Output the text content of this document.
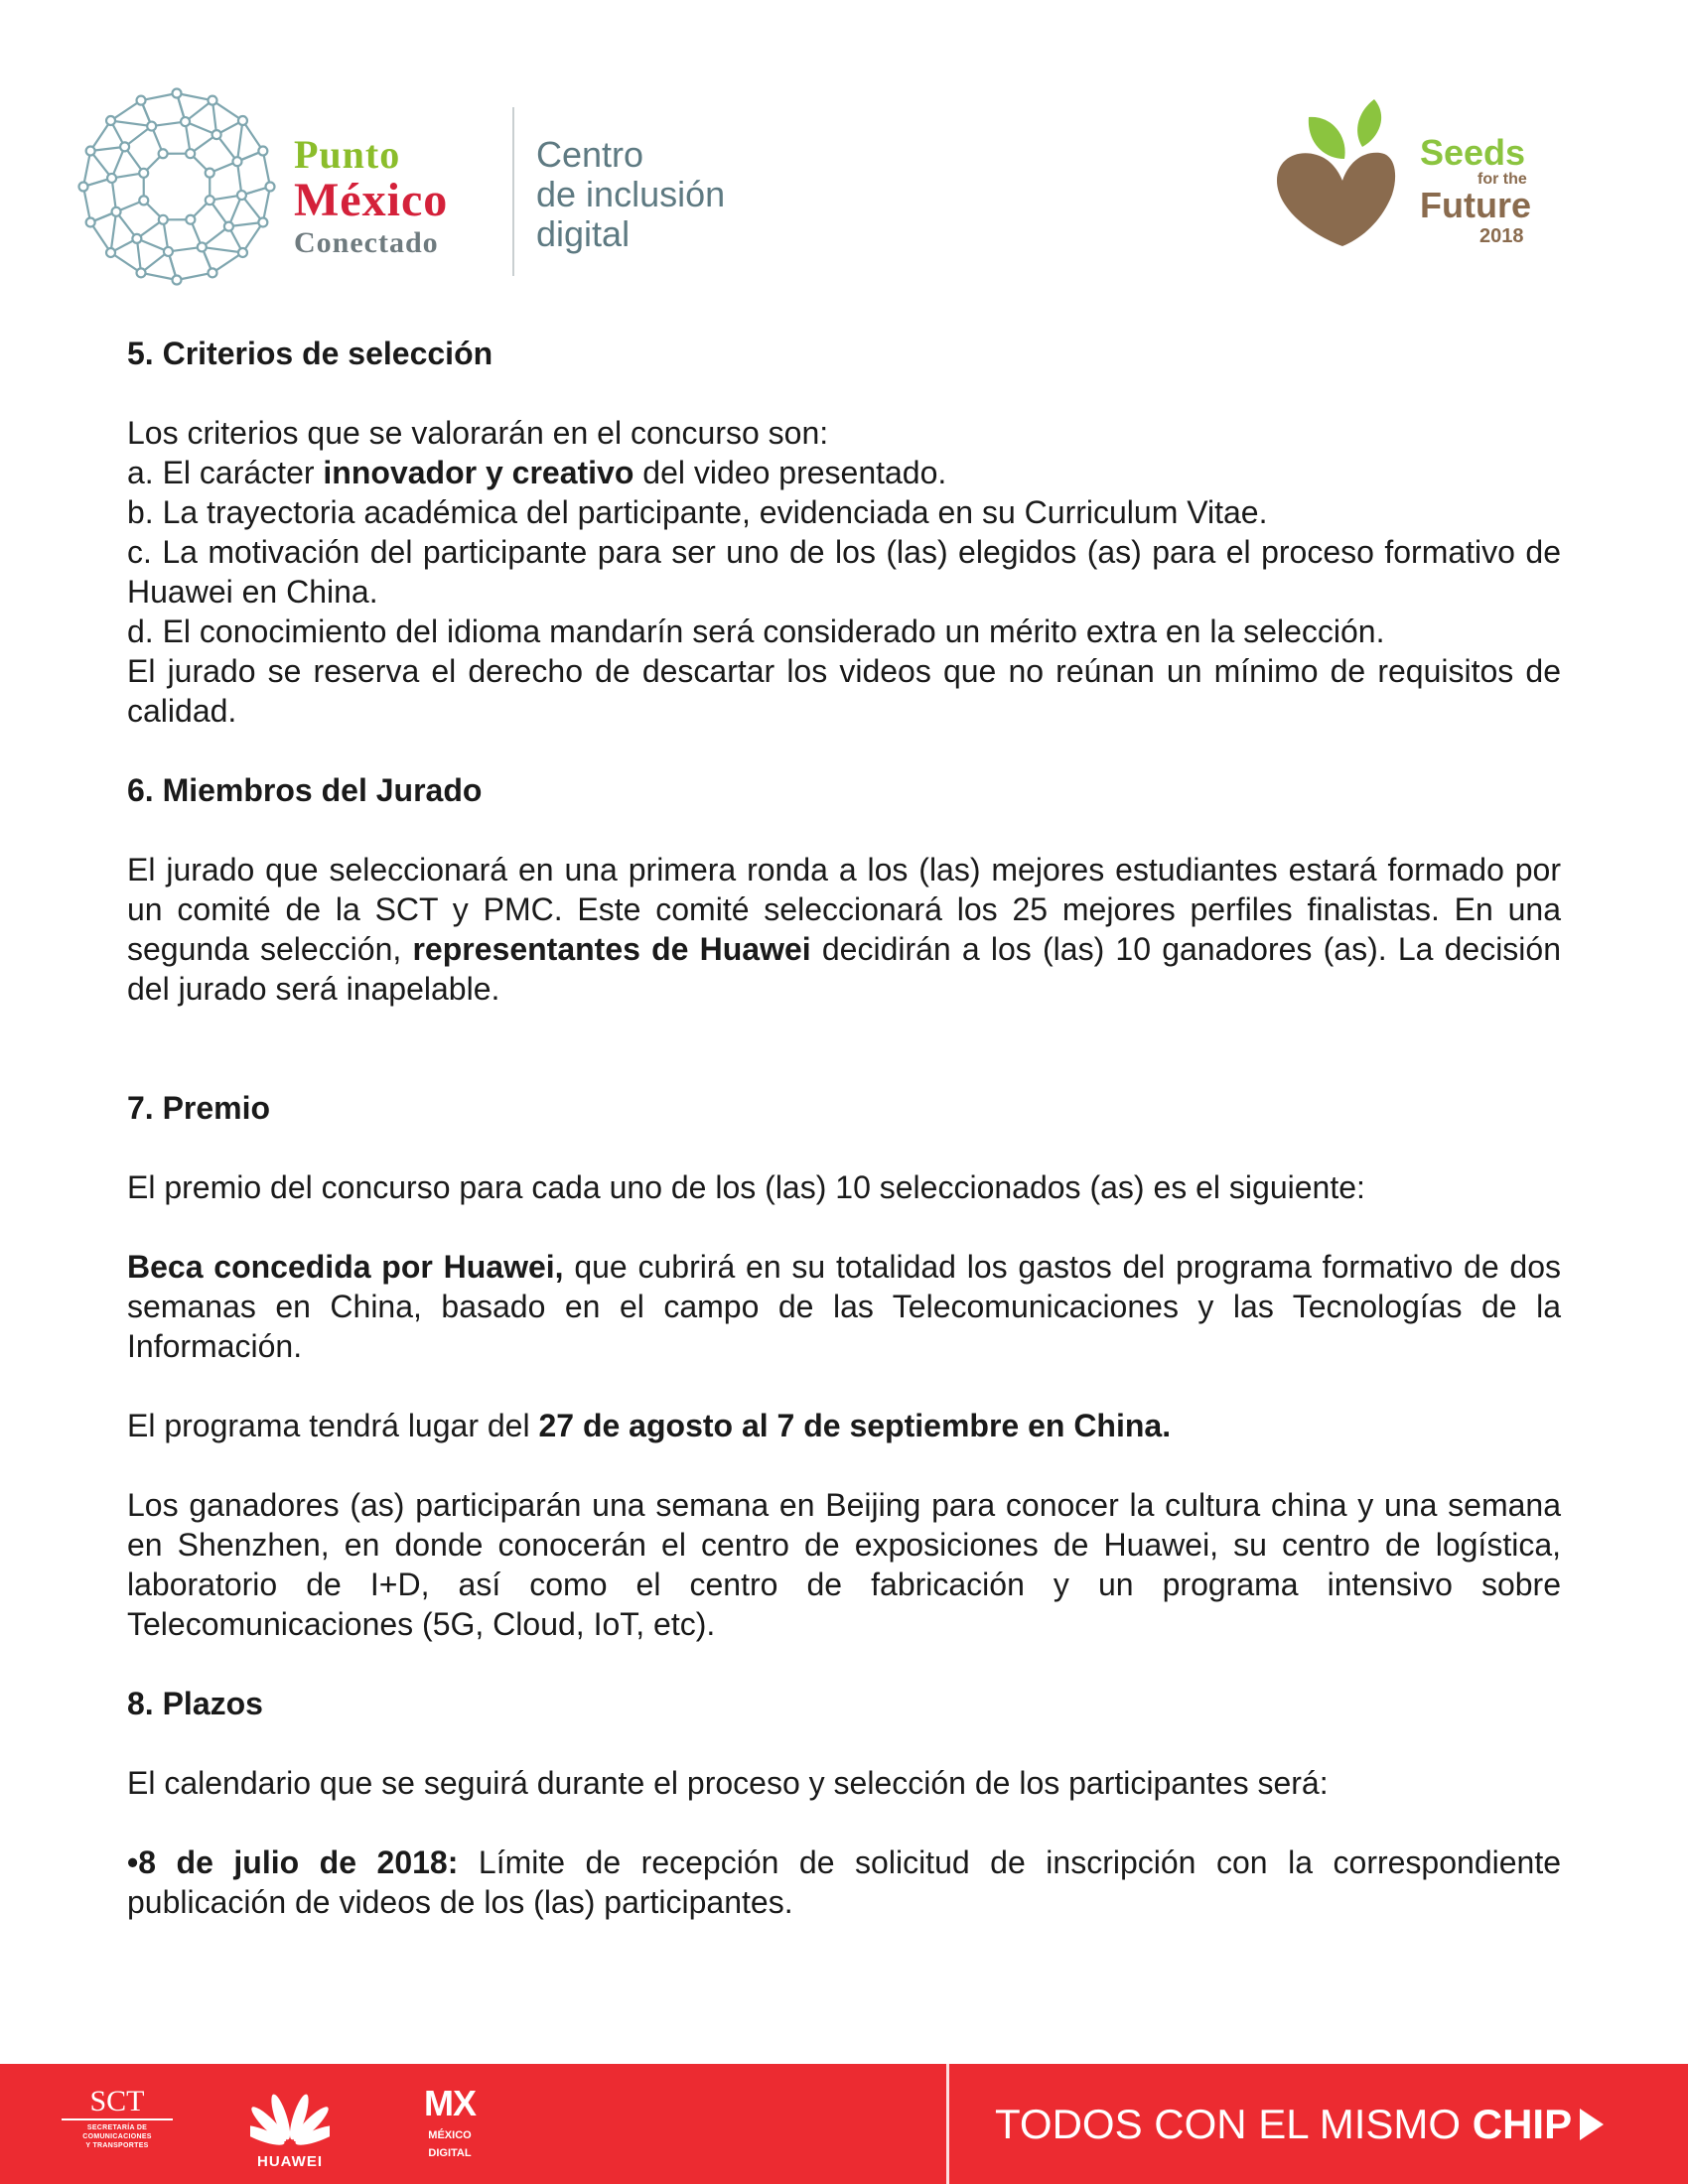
Punto
México
Conectado
Centro
de inclusión
digital
Seeds
for the
Future
2018
5. Criterios de selección

Los criterios que se valorarán en el concurso son:

a. El carácter innovador y creativo del video presentado.

b. La trayectoria académica del participante, evidenciada en su Curriculum Vitae.

c. La motivación del participante para ser uno de los (las) elegidos (as) para el proceso formativo de Huawei en China.

d. El conocimiento del idioma mandarín será considerado un mérito extra en la selección.

El jurado se reserva el derecho de descartar los videos que no reúnan un mínimo de requisitos de calidad.

6. Miembros del Jurado

El jurado que seleccionará en una primera ronda a los (las) mejores estudiantes estará formado por un comité de la SCT y PMC. Este comité seleccionará los 25 mejores perfiles finalistas. En una segunda selección, representantes de Huawei decidirán a los (las) 10 ganadores (as). La decisión del jurado será inapelable.

7. Premio

El premio del concurso para cada uno de los (las) 10 seleccionados (as) es el siguiente:

Beca concedida por Huawei, que cubrirá en su totalidad los gastos del programa formativo de dos semanas en China, basado en el campo de las Telecomunicaciones y las Tecnologías de la Información.

El programa tendrá lugar del 27 de agosto al 7 de septiembre en China.

Los ganadores (as) participarán una semana en Beijing para conocer la cultura china y una semana en Shenzhen, en donde conocerán el centro de exposiciones de Huawei, su centro de logística, laboratorio de I+D, así como el centro de fabricación y un programa intensivo sobre Telecomunicaciones (5G, Cloud, IoT, etc).

8. Plazos

El calendario que se seguirá durante el proceso y selección de los participantes será:

•8 de julio de 2018: Límite de recepción de solicitud de inscripción con la correspondiente publicación de videos de los (las) participantes.

SCT
SECRETARÍA DE
COMUNICACIONES
Y TRANSPORTES
HUAWEI
MX
MÉXICO
DIGITAL
TODOS CON EL MISMO CHIP
